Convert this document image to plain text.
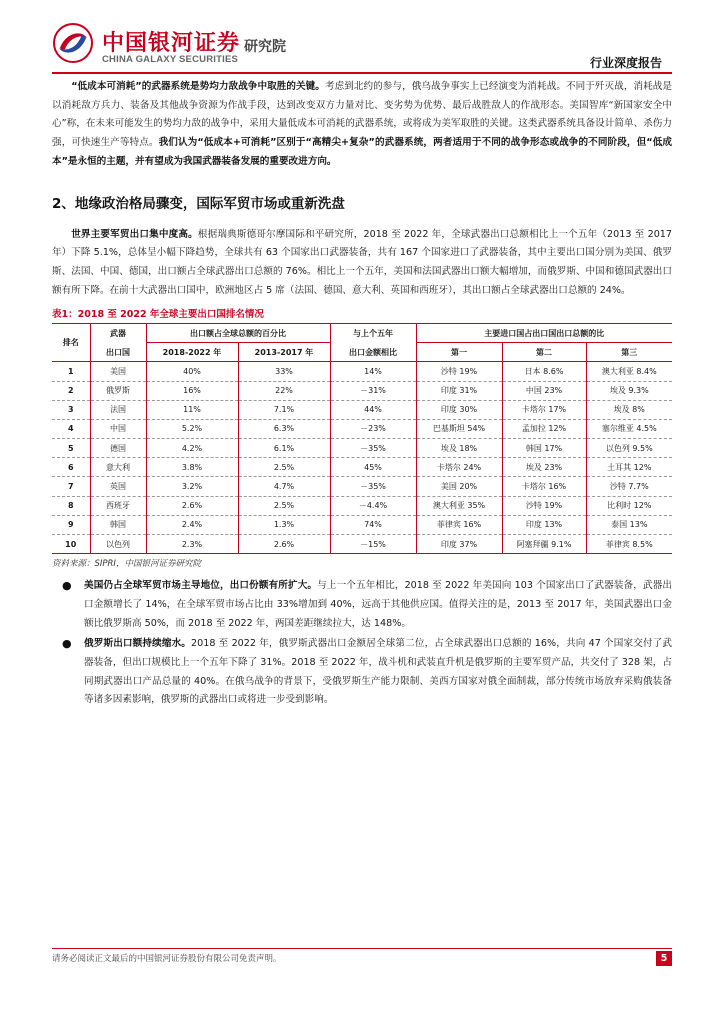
中国银河证券
CHINA GALAXY SECURITIES
研究院
行业深度报告

“低成本可消耗”的武器系统是势均力敌战争中取胜的关键。考虑到北约的参与，俄乌战争事实上已经演变为消耗战。不同于歼灭战，消耗战是以消耗敌方兵力、装备及其他战争资源为作战手段，达到改变双方力量对比、变劣势为优势、最后战胜敌人的作战形态。美国智库“新国家安全中心”称，在未来可能发生的势均力敌的战争中，采用大量低成本可消耗的武器系统，或将成为美军取胜的关键。这类武器系统具备设计简单、杀伤力强，可快速生产等特点。我们认为“低成本+可消耗”区别于“高精尖+复杂”的武器系统，两者适用于不同的战争形态或战争的不同阶段，但“低成本”是永恒的主题，并有望成为我国武器装备发展的重要改进方向。

2、地缘政治格局骤变，国际军贸市场或重新洗盘

世界主要军贸出口集中度高。根据瑞典斯德哥尔摩国际和平研究所，2018 至 2022 年，全球武器出口总额相比上一个五年（2013 至 2017 年）下降 5.1%，总体呈小幅下降趋势，全球共有 63 个国家出口武器装备，共有 167 个国家进口了武器装备，其中主要出口国分别为美国、俄罗斯、法国、中国、德国，出口额占全球武器出口总额的 76%。相比上一个五年，美国和法国武器出口额大幅增加，而俄罗斯、中国和德国武器出口额有所下降。在前十大武器出口国中，欧洲地区占 5 席（法国、德国、意大利、英国和西班牙），其出口额占全球武器出口总额的 24%。

表1：2018 至 2022 年全球主要出口国排名情况
排名	武器	出口额占全球总额的百分比		与上个五年	主要进口国占出口国出口总额的比		
	出口国	2018-2022 年	2013-2017 年	出口金额相比	第一	第二	第三
1	美国	40%	33%	14%	沙特 19%	日本 8.6%	澳大利亚 8.4%
2	俄罗斯	16%	22%	－31%	印度 31%	中国 23%	埃及 9.3%
3	法国	11%	7.1%	44%	印度 30%	卡塔尔 17%	埃及 8%
4	中国	5.2%	6.3%	－23%	巴基斯坦 54%	孟加拉 12%	塞尔维亚 4.5%
5	德国	4.2%	6.1%	－35%	埃及 18%	韩国 17%	以色列 9.5%
6	意大利	3.8%	2.5%	45%	卡塔尔 24%	埃及 23%	土耳其 12%
7	英国	3.2%	4.7%	－35%	美国 20%	卡塔尔 16%	沙特 7.7%
8	西班牙	2.6%	2.5%	－4.4%	澳大利亚 35%	沙特 19%	比利时 12%
9	韩国	2.4%	1.3%	74%	菲律宾 16%	印度 13%	泰国 13%
10	以色列	2.3%	2.6%	－15%	印度 37%	阿塞拜疆 9.1%	菲律宾 8.5%
资料来源：SIPRI，中国银河证券研究院
● 美国仍占全球军贸市场主导地位，出口份额有所扩大。与上一个五年相比，2018 至 2022 年美国向 103 个国家出口了武器装备，武器出口金额增长了 14%，在全球军贸市场占比由 33%增加到 40%，远高于其他供应国。值得关注的是，2013 至 2017 年，美国武器出口金额比俄罗斯高 50%，而 2018 至 2022 年，两国差距继续拉大，达 148%。
● 俄罗斯出口额持续缩水。2018 至 2022 年，俄罗斯武器出口金额居全球第二位，占全球武器出口总额的 16%，共向 47 个国家交付了武器装备，但出口规模比上一个五年下降了 31%。2018 至 2022 年，战斗机和武装直升机是俄罗斯的主要军贸产品，共交付了 328 架，占同期武器出口产品总量的 40%。在俄乌战争的背景下，受俄罗斯生产能力限制、美西方国家对俄全面制裁，部分传统市场放弃采购俄装备等诸多因素影响，俄罗斯的武器出口或将进一步受到影响。
请务必阅读正文最后的中国银河证券股份有限公司免责声明。	5
